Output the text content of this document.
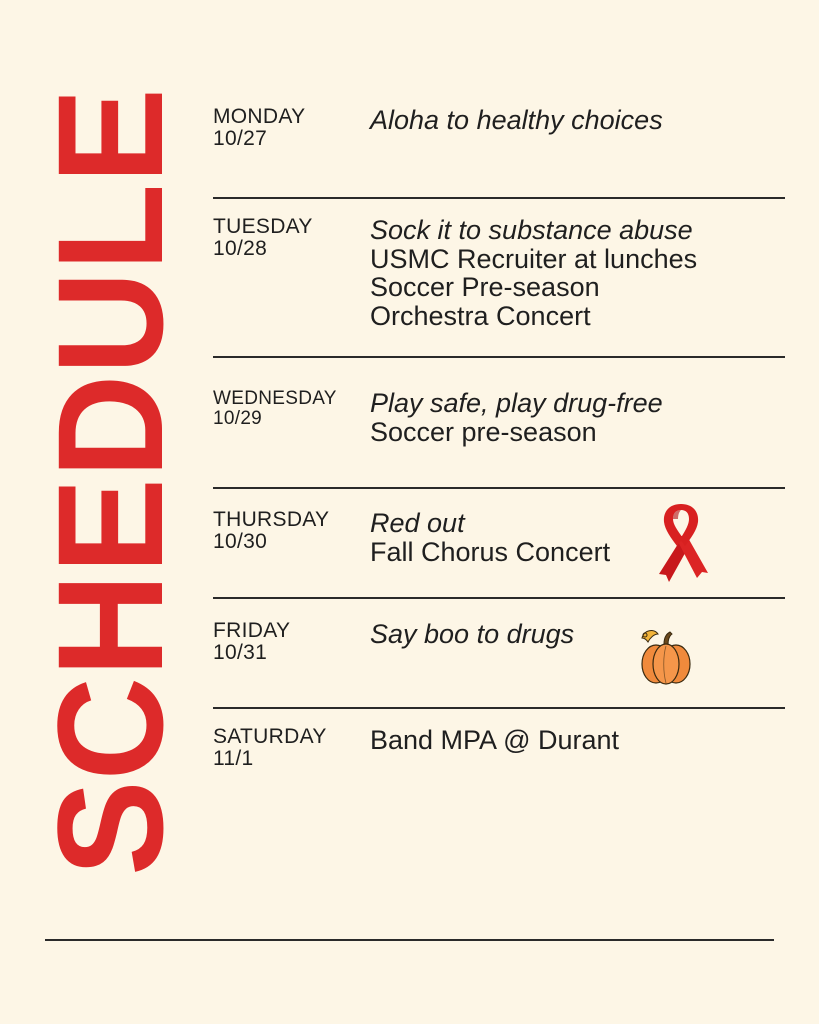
SCHEDULE MONDAY
10/27
Aloha to healthy choices
TUESDAY
10/28
Sock it to substance abuse
USMC Recruiter at lunches
Soccer Pre-season
Orchestra Concert
WEDNESDAY
10/29
Play safe, play drug-free
Soccer pre-season
THURSDAY
10/30
Red out
Fall Chorus Concert
FRIDAY
10/31
Say boo to drugs
SATURDAY
11/1
Band MPA @ Durant
